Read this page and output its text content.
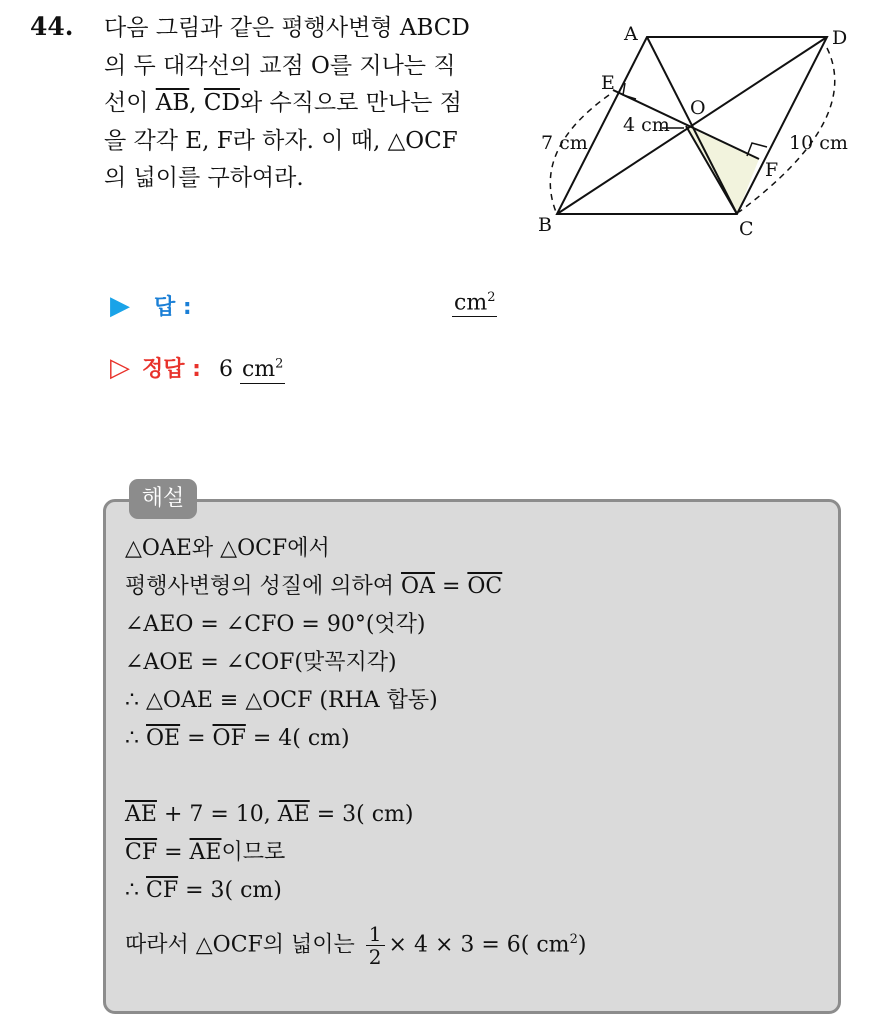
44. 다음 그림과 같은 평행사변형 ABCD
의 두 대각선의 교점 O를 지나는 직
선이 $\overline{AB}$, $\overline{CD}$와 수직으로 만나는 점
을 각각 E, F라 하자. 이 때, △OCF
의 넓이를 구하여라.
A	D
E
O
F
B	C
7 cm
4 cm
10 cm
▶ 답 :	$cm^2$
▷ 정답 : 6 $cm^2$
해설
△OAE와 △OCF에서
평행사변형의 성질에 의하여 $\overline{OA} = \overline{OC}$
∠AEO = ∠CFO = 90°(엇각)
∠AOE = ∠COF(맞꼭지각)
∴ △OAE ≡ △OCF (RHA 합동)
∴ $\overline{OE} = \overline{OF} = 4$( cm)
$\overline{AE} + 7 = 10$, $\overline{AE} = 3$( cm)
$\overline{CF} = \overline{AE}$이므로
∴ $\overline{CF} = 3$( cm)
따라서 △OCF의 넓이는 $\frac{1}{2} \times 4 \times 3 = 6$( $cm^2$)
